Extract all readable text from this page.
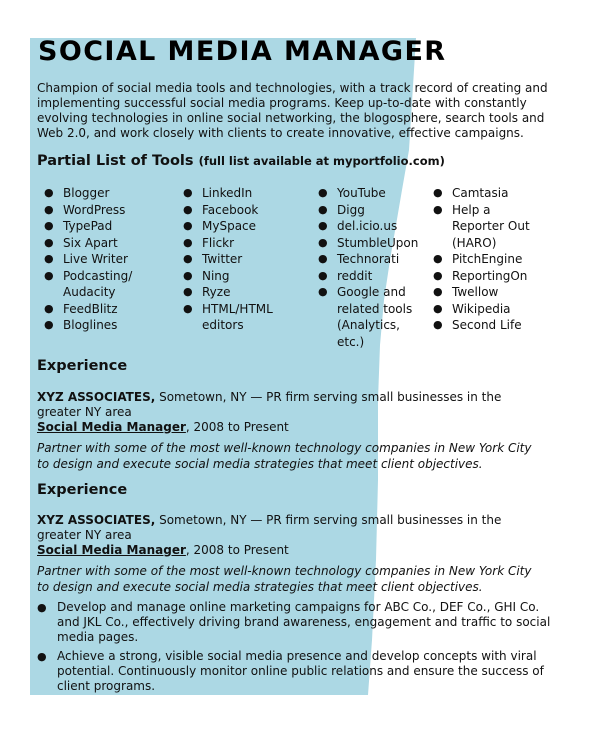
SOCIAL MEDIA MANAGER
Champion of social media tools and technologies, with a track record of creating and implementing successful social media programs. Keep up-to-date with constantly evolving technologies in online social networking, the blogosphere, search tools and Web 2.0, and work closely with clients to create innovative, effective campaigns.
Partial List of Tools (full list available at myportfolio.com)
● Blogger
● WordPress
● TypePad
● Six Apart
● Live Writer
● Podcasting/ Audacity
● FeedBlitz
● Bloglines
● LinkedIn
● Facebook
● MySpace
● Flickr
● Twitter
● Ning
● Ryze
● HTML/HTML editors
● YouTube
● Digg
● del.icio.us
● StumbleUpon
● Technorati
● reddit
● Google and related tools (Analytics, etc.)
● Camtasia
● Help a Reporter Out (HARO)
● PitchEngine
● ReportingOn
● Twellow
● Wikipedia
● Second Life
Experience
XYZ ASSOCIATES, Sometown, NY — PR firm serving small businesses in the greater NY area
Social Media Manager, 2008 to Present
Partner with some of the most well-known technology companies in New York City to design and execute social media strategies that meet client objectives.
Experience
XYZ ASSOCIATES, Sometown, NY — PR firm serving small businesses in the greater NY area
Social Media Manager, 2008 to Present
Partner with some of the most well-known technology companies in New York City to design and execute social media strategies that meet client objectives.
● Develop and manage online marketing campaigns for ABC Co., DEF Co., GHI Co. and JKL Co., effectively driving brand awareness, engagement and traffic to social media pages.
● Achieve a strong, visible social media presence and develop concepts with viral potential. Continuously monitor online public relations and ensure the success of client programs.
